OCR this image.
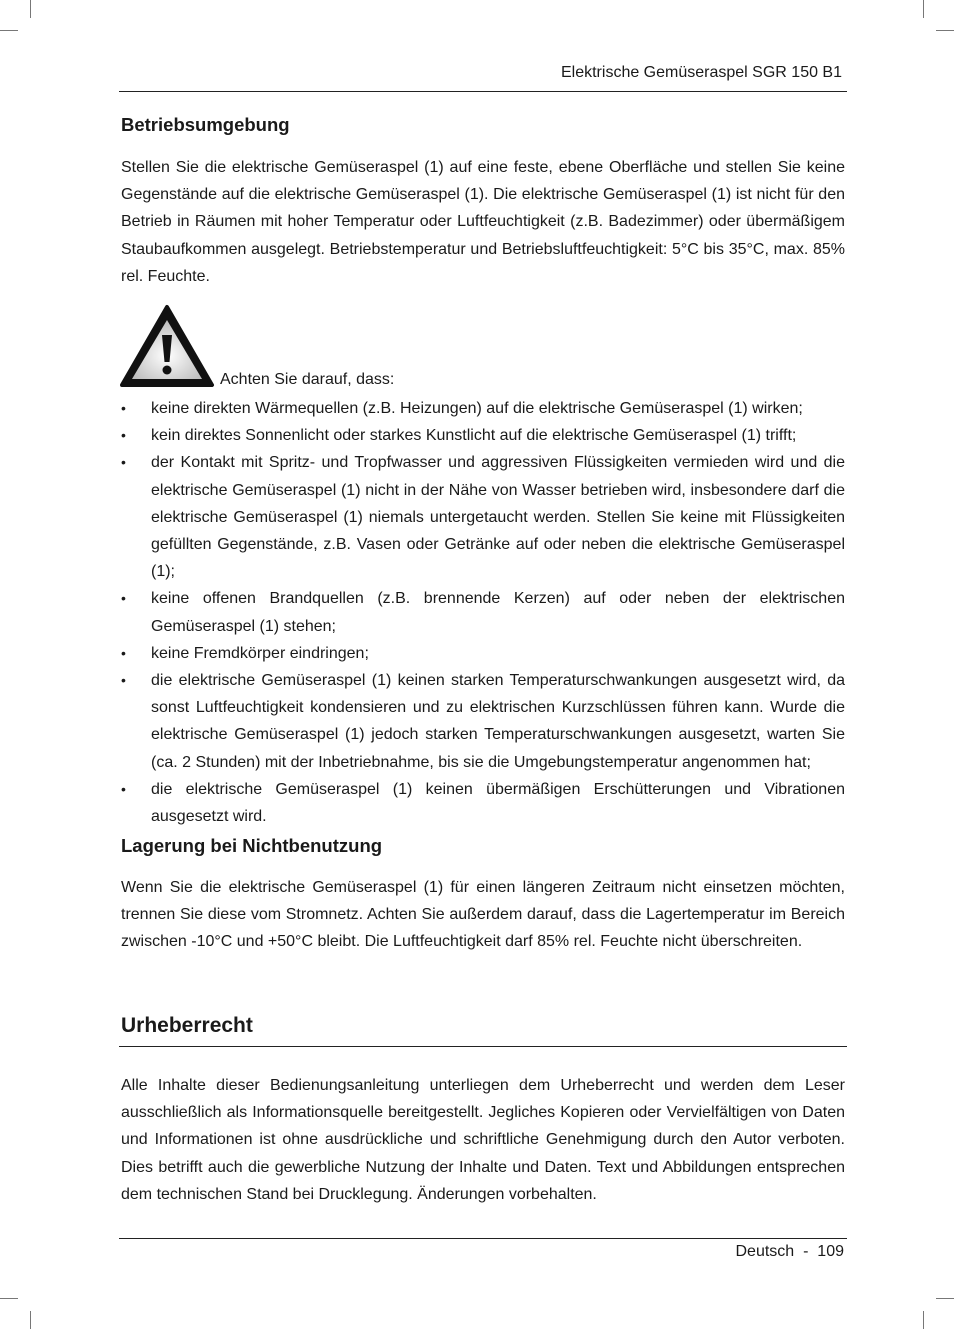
Elektrische Gemüseraspel SGR 150 B1
Betriebsumgebung

Stellen Sie die elektrische Gemüseraspel (1) auf eine feste, ebene Oberfläche und stellen Sie keine Gegenstände auf die elektrische Gemüseraspel (1). Die elektrische Gemüseraspel (1) ist nicht für den Betrieb in Räumen mit hoher Temperatur oder Luftfeuchtigkeit (z.B. Badezimmer) oder übermäßigem Staubaufkommen ausgelegt. Betriebstemperatur und Betriebsluftfeuchtigkeit: 5°C bis 35°C, max. 85% rel. Feuchte.

Achten Sie darauf, dass:
•	keine direkten Wärmequellen (z.B. Heizungen) auf die elektrische Gemüseraspel (1) wirken;
•	kein direktes Sonnenlicht oder starkes Kunstlicht auf die elektrische Gemüseraspel (1) trifft;
•	der Kontakt mit Spritz- und Tropfwasser und aggressiven Flüssigkeiten vermieden wird und die elektrische Gemüseraspel (1) nicht in der Nähe von Wasser betrieben wird, insbesondere darf die elektrische Gemüseraspel (1) niemals untergetaucht werden. Stellen Sie keine mit Flüssigkeiten gefüllten Gegenstände, z.B. Vasen oder Getränke auf oder neben die elektrische Gemüseraspel (1);
•	keine offenen Brandquellen (z.B. brennende Kerzen) auf oder neben der elektrischen Gemüseraspel (1) stehen;
•	keine Fremdkörper eindringen;
•	die elektrische Gemüseraspel (1) keinen starken Temperaturschwankungen ausgesetzt wird, da sonst Luftfeuchtigkeit kondensieren und zu elektrischen Kurzschlüssen führen kann. Wurde die elektrische Gemüseraspel (1) jedoch starken Temperaturschwankungen ausgesetzt, warten Sie (ca. 2 Stunden) mit der Inbetriebnahme, bis sie die Umgebungstemperatur angenommen hat;
•	die elektrische Gemüseraspel (1) keinen übermäßigen Erschütterungen und Vibrationen ausgesetzt wird.
Lagerung bei Nichtbenutzung

Wenn Sie die elektrische Gemüseraspel (1) für einen längeren Zeitraum nicht einsetzen möchten, trennen Sie diese vom Stromnetz. Achten Sie außerdem darauf, dass die Lagertemperatur im Bereich zwischen -10°C und +50°C bleibt. Die Luftfeuchtigkeit darf 85% rel. Feuchte nicht überschreiten.

Urheberrecht

Alle Inhalte dieser Bedienungsanleitung unterliegen dem Urheberrecht und werden dem Leser ausschließlich als Informationsquelle bereitgestellt. Jegliches Kopieren oder Vervielfältigen von Daten und Informationen ist ohne ausdrückliche und schriftliche Genehmigung durch den Autor verboten. Dies betrifft auch die gewerbliche Nutzung der Inhalte und Daten. Text und Abbildungen entsprechen dem technischen Stand bei Drucklegung. Änderungen vorbehalten.

Deutsch  -  109
